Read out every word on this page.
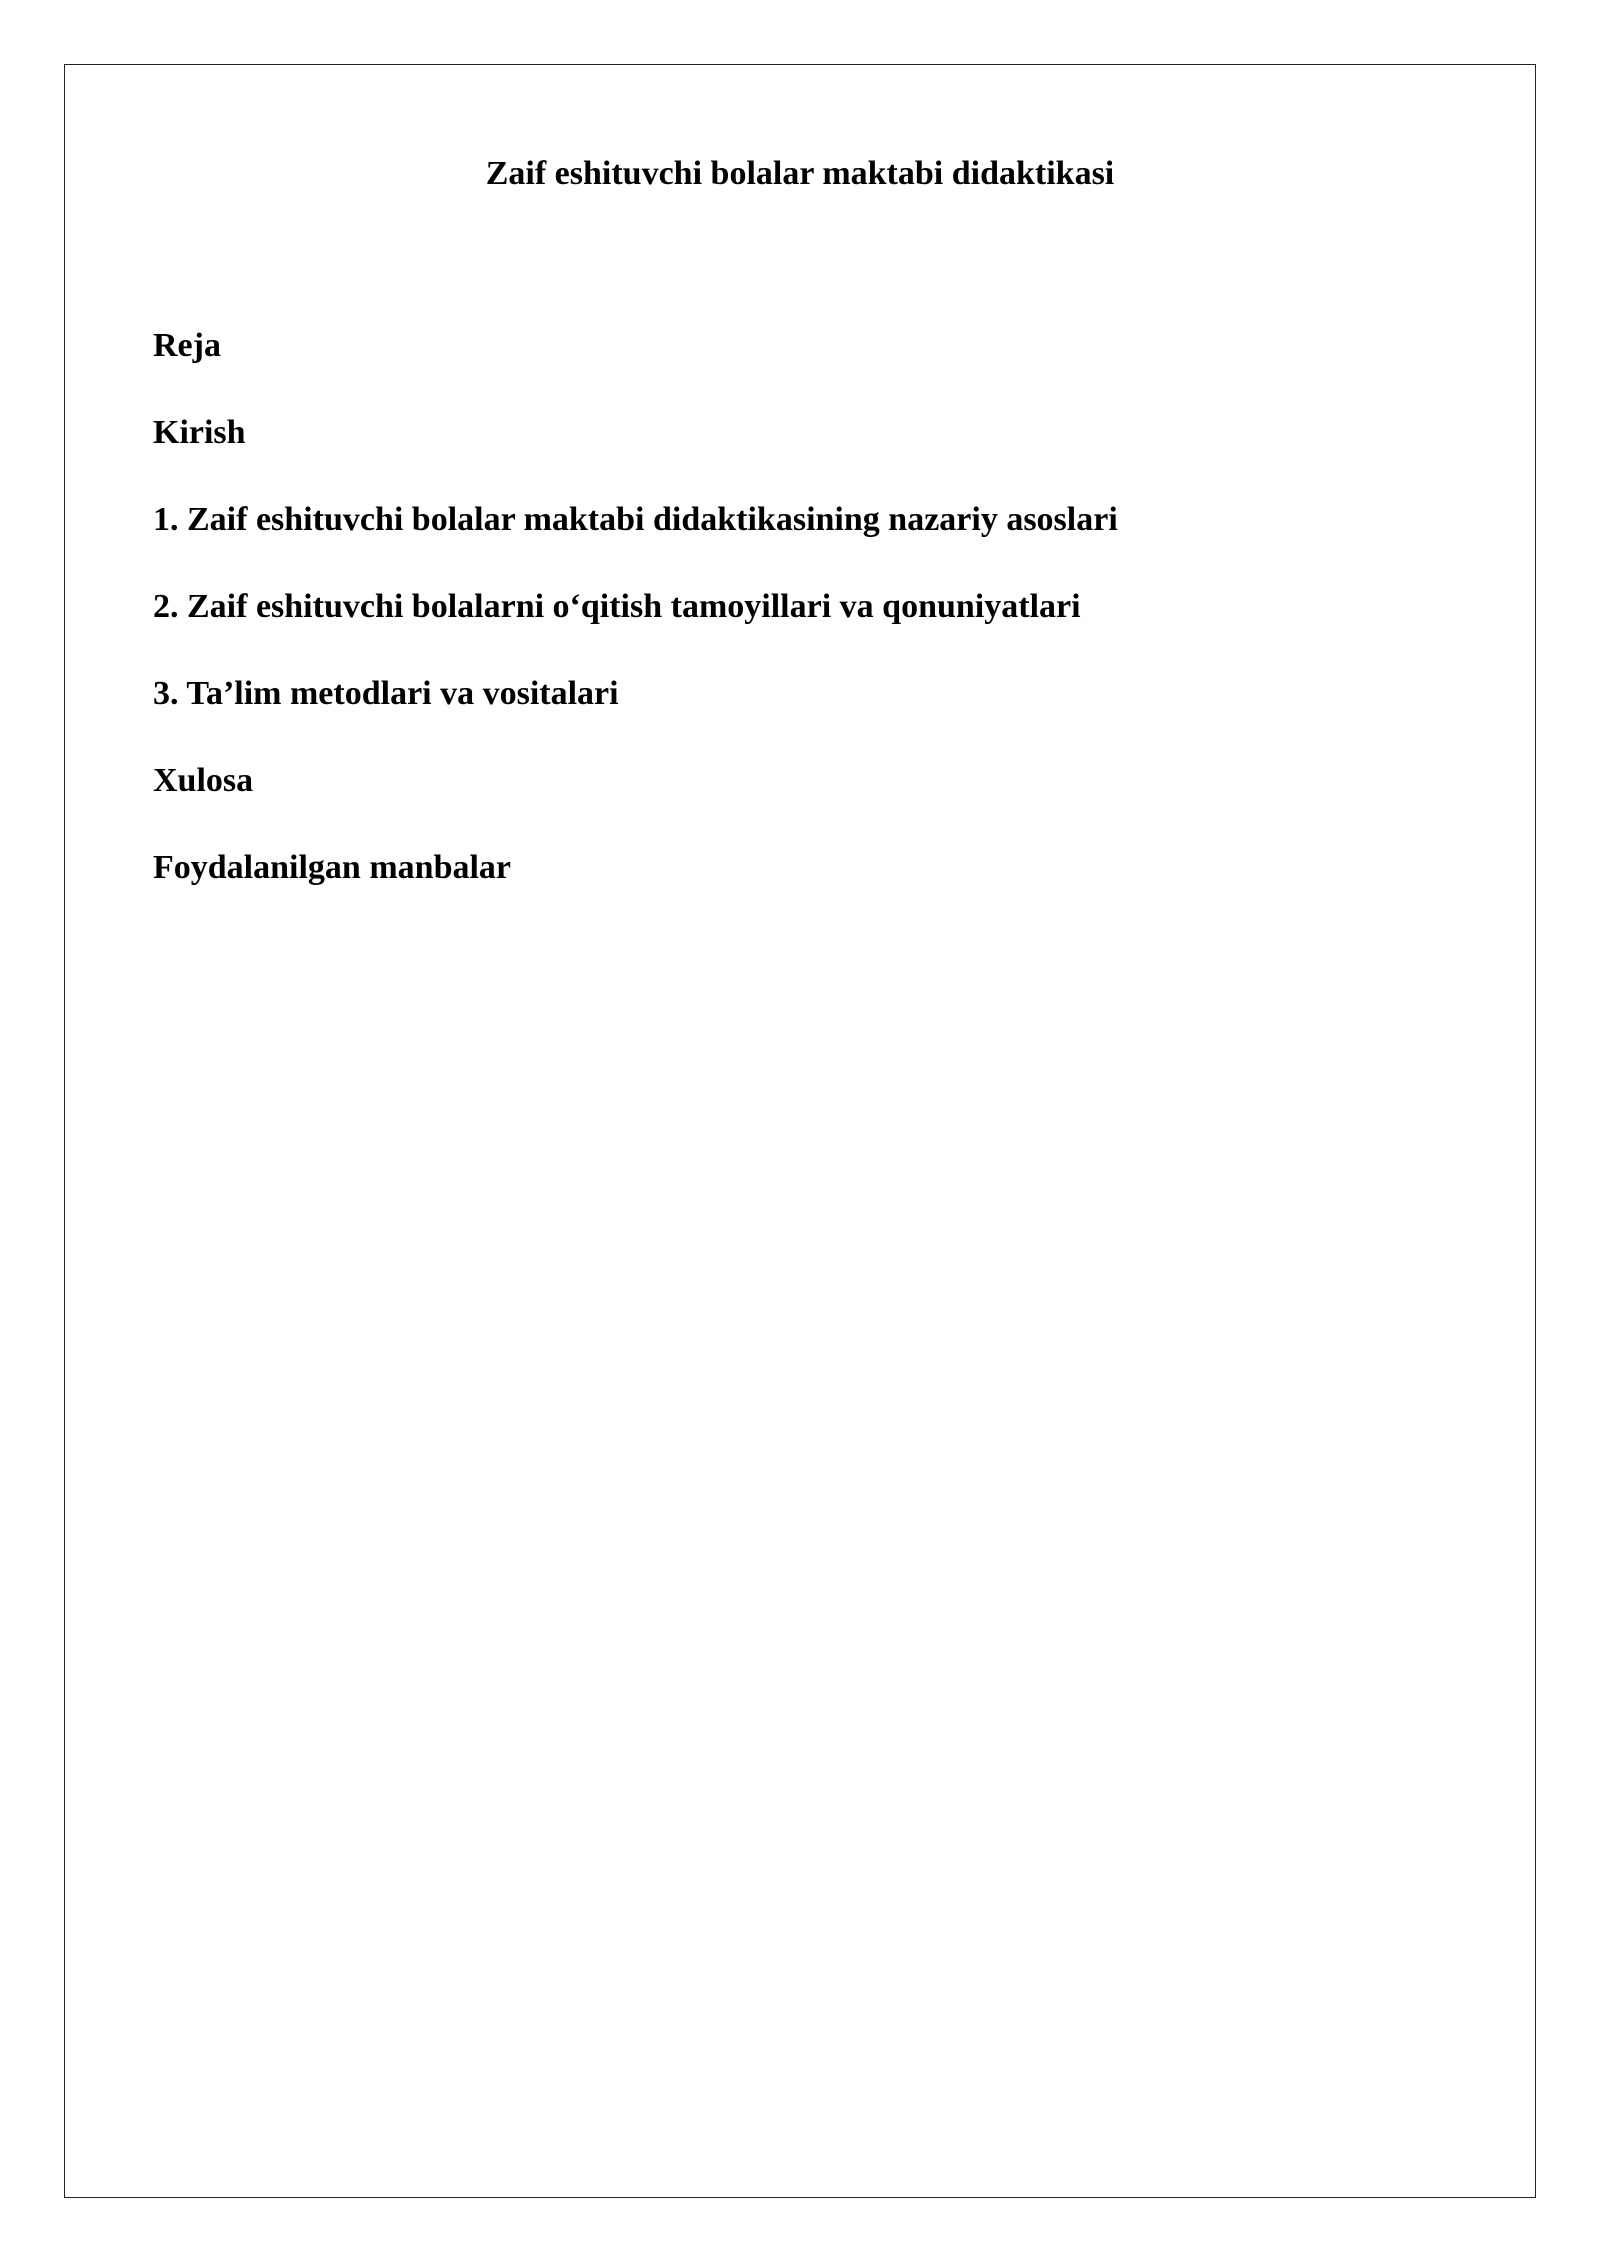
Zaif eshituvchi bolalar maktabi didaktikasi
Reja
Kirish
1. Zaif eshituvchi bolalar maktabi didaktikasining nazariy asoslari
2. Zaif eshituvchi bolalarni o‘qitish tamoyillari va qonuniyatlari
3. Ta’lim metodlari va vositalari
Xulosa
Foydalanilgan manbalar
